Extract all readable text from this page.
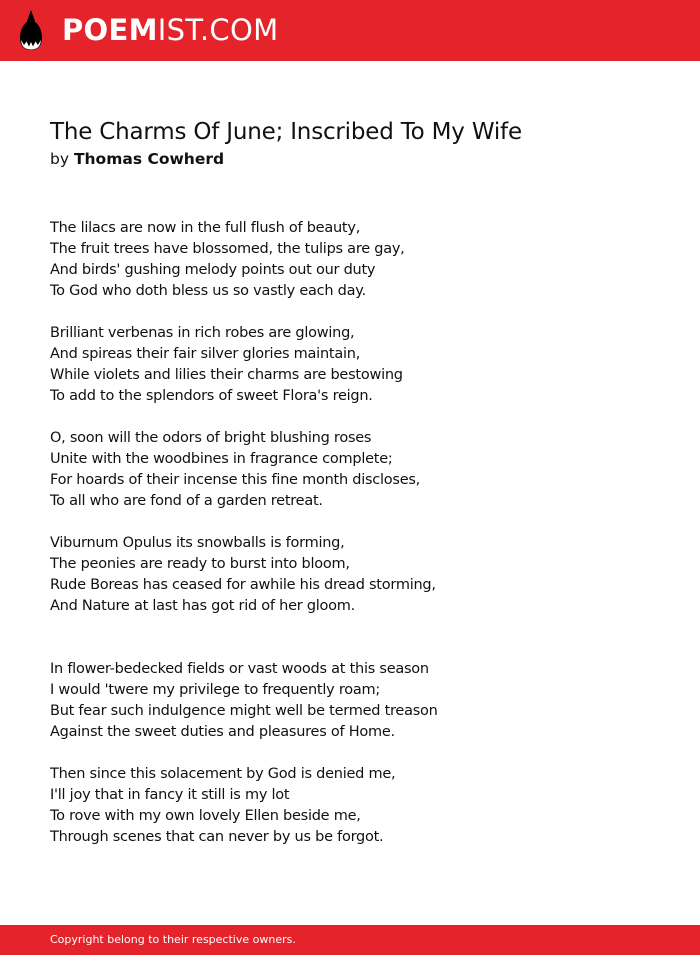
POEMIST.COM
The Charms Of June; Inscribed To My Wife
by Thomas Cowherd
The lilacs are now in the full flush of beauty,
The fruit trees have blossomed, the tulips are gay,
And birds' gushing melody points out our duty
To God who doth bless us so vastly each day.
Brilliant verbenas in rich robes are glowing,
And spireas their fair silver glories maintain,
While violets and lilies their charms are bestowing
To add to the splendors of sweet Flora's reign.
O, soon will the odors of bright blushing roses
Unite with the woodbines in fragrance complete;
For hoards of their incense this fine month discloses,
To all who are fond of a garden retreat.
Viburnum Opulus its snowballs is forming,
The peonies are ready to burst into bloom,
Rude Boreas has ceased for awhile his dread storming,
And Nature at last has got rid of her gloom.
In flower-bedecked fields or vast woods at this season
I would 'twere my privilege to frequently roam;
But fear such indulgence might well be termed treason
Against the sweet duties and pleasures of Home.
Then since this solacement by God is denied me,
I'll joy that in fancy it still is my lot
To rove with my own lovely Ellen beside me,
Through scenes that can never by us be forgot.
Copyright belong to their respective owners.
